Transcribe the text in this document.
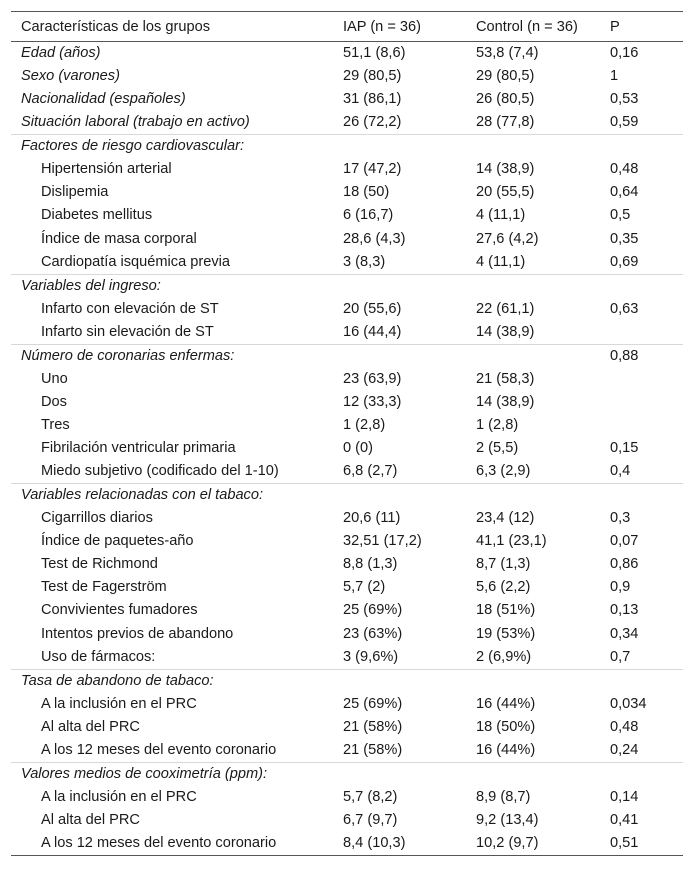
Características de los grupos	IAP (n = 36)	Control (n = 36)	P
Edad (años)	51,1 (8,6)	53,8 (7,4)	0,16
Sexo (varones)	29 (80,5)	29 (80,5)	1
Nacionalidad (españoles)	31 (86,1)	26 (80,5)	0,53
Situación laboral (trabajo en activo)	26 (72,2)	28 (77,8)	0,59
Factores de riesgo cardiovascular:			
Hipertensión arterial	17 (47,2)	14 (38,9)	0,48
Dislipemia	18 (50)	20 (55,5)	0,64
Diabetes mellitus	6 (16,7)	4 (11,1)	0,5
Índice de masa corporal	28,6 (4,3)	27,6 (4,2)	0,35
Cardiopatía isquémica previa	3 (8,3)	4 (11,1)	0,69
Variables del ingreso:			
Infarto con elevación de ST	20 (55,6)	22 (61,1)	0,63
Infarto sin elevación de ST	16 (44,4)	14 (38,9)	
Número de coronarias enfermas:			0,88
Uno	23 (63,9)	21 (58,3)	
Dos	12 (33,3)	14 (38,9)	
Tres	1 (2,8)	1 (2,8)	
Fibrilación ventricular primaria	0 (0)	2 (5,5)	0,15
Miedo subjetivo (codificado del 1-10)	6,8 (2,7)	6,3 (2,9)	0,4
Variables relacionadas con el tabaco:			
Cigarrillos diarios	20,6 (11)	23,4 (12)	0,3
Índice de paquetes-año	32,51 (17,2)	41,1 (23,1)	0,07
Test de Richmond	8,8 (1,3)	8,7 (1,3)	0,86
Test de Fagerström	5,7 (2)	5,6 (2,2)	0,9
Convivientes fumadores	25 (69%)	18 (51%)	0,13
Intentos previos de abandono	23 (63%)	19 (53%)	0,34
Uso de fármacos:	3 (9,6%)	2 (6,9%)	0,7
Tasa de abandono de tabaco:			
A la inclusión en el PRC	25 (69%)	16 (44%)	0,034
Al alta del PRC	21 (58%)	18 (50%)	0,48
A los 12 meses del evento coronario	21 (58%)	16 (44%)	0,24
Valores medios de cooximetría (ppm):			
A la inclusión en el PRC	5,7 (8,2)	8,9 (8,7)	0,14
Al alta del PRC	6,7 (9,7)	9,2 (13,4)	0,41
A los 12 meses del evento coronario	8,4 (10,3)	10,2 (9,7)	0,51
